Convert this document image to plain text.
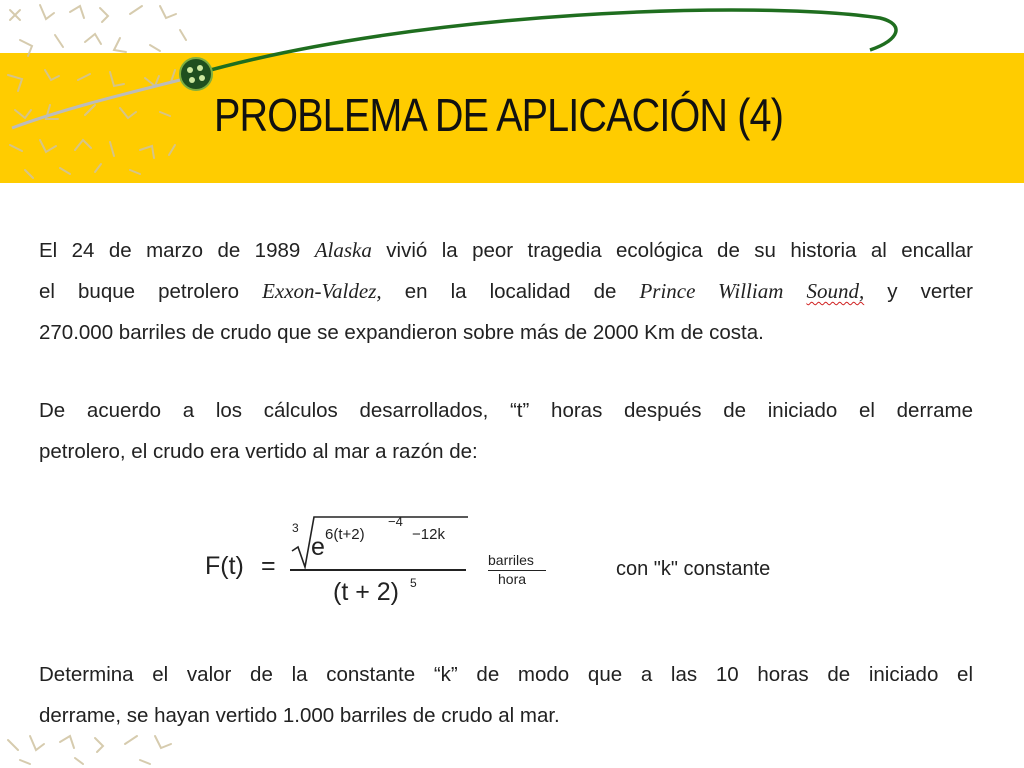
PROBLEMA DE APLICACIÓN (4)
El 24 de marzo de 1989 Alaska vivió la peor tragedia ecológica de su historia al encallar
el buque petrolero Exxon-Valdez, en la localidad de Prince William Sound, y verter
270.000 barriles de crudo que se expandieron sobre más de 2000 Km de costa.
De acuerdo a los cálculos desarrollados, “t” horas después de iniciado el derrame
petrolero, el crudo era vertido al mar a razón de:
F(t) =
3
e 6(t+2)
−4
−12k
(t + 2) 5
barriles
hora	con "k" constante
Determina el valor de la constante “k” de modo que a las 10 horas de iniciado el
derrame, se hayan vertido 1.000 barriles de crudo al mar.
